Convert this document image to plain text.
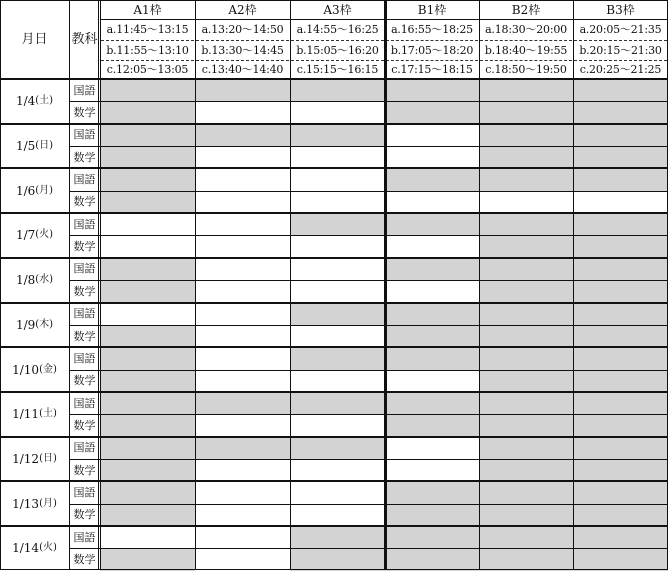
月日	教科
A1枠
a.11:45～13:15
b.11:55～13:10
c.12:05～13:05
A2枠
a.13:20～14:50
b.13:30～14:45
c.13:40～14:40
A3枠
a.14:55～16:25
b.15:05～16:20
c.15:15～16:15
B1枠
a.16:55～18:25
b.17:05～18:20
c.17:15～18:15
B2枠
a.18:30～20:00
b.18:40～19:55
c.18:50～19:50
B3枠
a.20:05～21:35
b.20:15～21:30
c.20:25～21:25
国語
数学
1/4 ( 土 )
国語
数学
1/5 ( 日 )
国語
数学
1/6 ( 月 )
国語
数学
1/7 ( 火 )
国語
数学
1/8 ( 水 )
国語
数学
1/9 ( 木 )
国語
数学
1/10 ( 金 )
国語
数学
1/11 ( 土 )
国語
数学
1/12 ( 日 )
国語
数学
1/13 ( 月 )
国語
数学
1/14 ( 火 )
